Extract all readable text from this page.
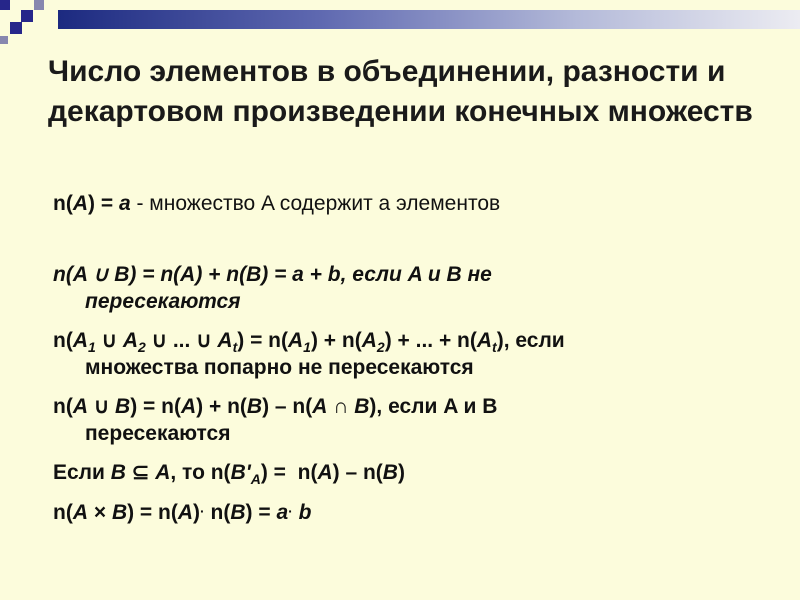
Число элементов в объединении, разности и декартовом произведении конечных множеств

n(A) = a - множество A содержит a элементов

n(A ∪ B) = n(A) + n(B) = a + b, если A и B не
пересекаются

$n(A_1$ ∪ $A_2$ ∪ ... ∪ $A_t) = n(A_1) + n(A_2)$ + ... + $n(A_t)$, если
множества попарно не пересекаются

n(A ∪ B) = n(A) + n(B) – n(A ∩ B), если A и B
пересекаются

Если B ⊆ A, то $n(B'_A) = n(A) - n(B)$

n(A × B) = n(A)· n(B) = a· b
